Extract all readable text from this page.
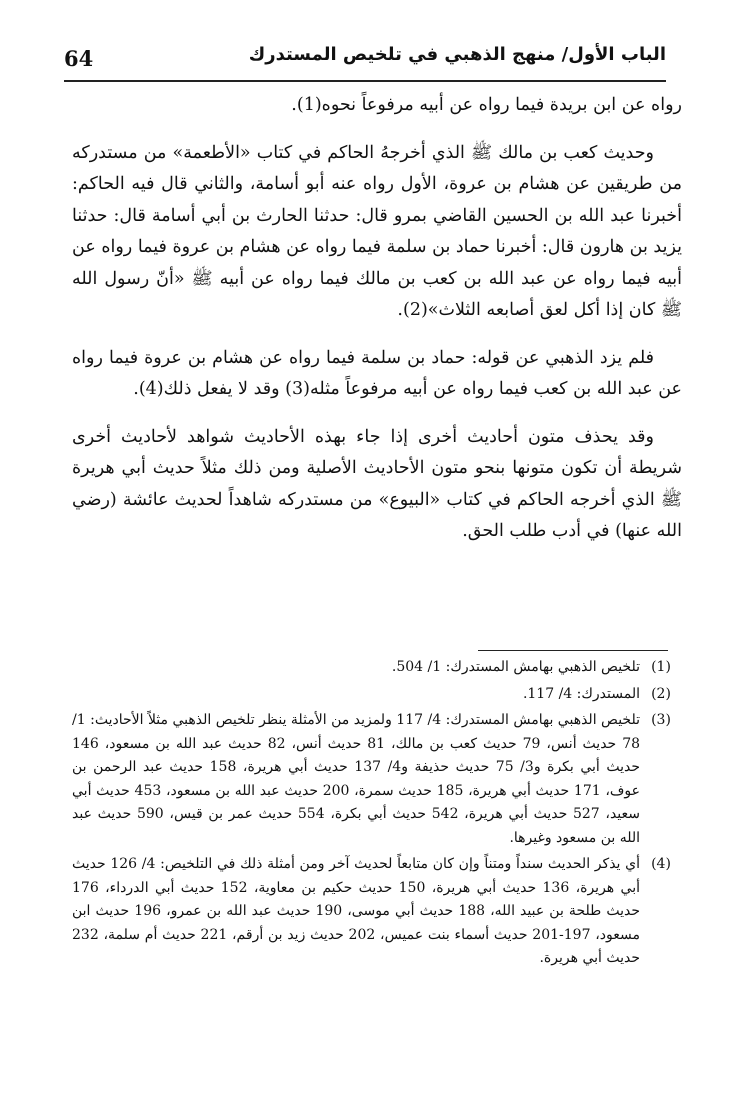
64	الباب الأول/ منهج الذهبي في تلخيص المستدرك

رواه عن ابن بريدة فيما رواه عن أبيه مرفوعاً نحوه(1).

وحديث كعب بن مالك ﷺ الذي أخرجهُ الحاكم في كتاب «الأطعمة» من مستدركه من طريقين عن هشام بن عروة، الأول رواه عنه أبو أسامة، والثاني قال فيه الحاكم: أخبرنا عبد الله بن الحسين القاضي بمرو قال: حدثنا الحارث بن أبي أسامة قال: حدثنا يزيد بن هارون قال: أخبرنا حماد بن سلمة فيما رواه عن هشام بن عروة فيما رواه عن أبيه فيما رواه عن عبد الله بن كعب بن مالك فيما رواه عن أبيه ﷺ «أنّ رسول الله ﷺ كان إذا أكل لعق أصابعه الثلاث»(2).

فلم يزد الذهبي عن قوله: حماد بن سلمة فيما رواه عن هشام بن عروة فيما رواه عن عبد الله بن كعب فيما رواه عن أبيه مرفوعاً مثله(3) وقد لا يفعل ذلك(4).

وقد يحذف متون أحاديث أخرى إذا جاء بهذه الأحاديث شواهد لأحاديث أخرى شريطة أن تكون متونها بنحو متون الأحاديث الأصلية ومن ذلك مثلاً حديث أبي هريرة ﷺ الذي أخرجه الحاكم في كتاب «البيوع» من مستدركه شاهداً لحديث عائشة (رضي الله عنها) في أدب طلب الحق.

(1)
تلخيص الذهبي بهامش المستدرك: 1/ 504.
(2)
المستدرك: 4/ 117.
(3)
تلخيص الذهبي بهامش المستدرك: 4/ 117 ولمزيد من الأمثلة ينظر تلخيص الذهبي مثلاً الأحاديث: 1/ 78 حديث أنس، 79 حديث كعب بن مالك، 81 حديث أنس، 82 حديث عبد الله بن مسعود، 146 حديث أبي بكرة و3/ 75 حديث حذيفة و4/ 137 حديث أبي هريرة، 158 حديث عبد الرحمن بن عوف، 171 حديث أبي هريرة، 185 حديث سمرة، 200 حديث عبد الله بن مسعود، 453 حديث أبي سعيد، 527 حديث أبي هريرة، 542 حديث أبي بكرة، 554 حديث عمر بن قيس، 590 حديث عبد الله بن مسعود وغيرها.
(4)
أي يذكر الحديث سنداً ومتناً وإن كان متابعاً لحديث آخر ومن أمثلة ذلك في التلخيص: 4/ 126 حديث أبي هريرة، 136 حديث أبي هريرة، 150 حديث حكيم بن معاوية، 152 حديث أبي الدرداء، 176 حديث طلحة بن عبيد الله، 188 حديث أبي موسى، 190 حديث عبد الله بن عمرو، 196 حديث ابن مسعود، 197-201 حديث أسماء بنت عميس، 202 حديث زيد بن أرقم، 221 حديث أم سلمة، 232 حديث أبي هريرة.
